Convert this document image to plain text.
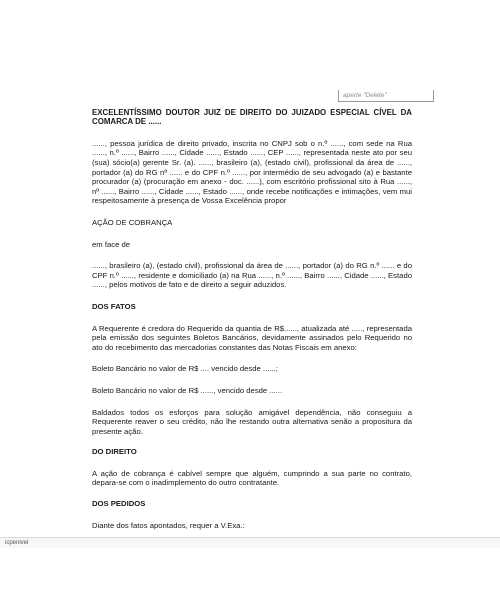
aperte "Delete"

EXCELENTÍSSIMO DOUTOR JUIZ DE DIREITO DO JUIZADO ESPECIAL CÍVEL DA COMARCA DE ......

......, pessoa jurídica de direito privado, inscrita no CNPJ sob o n.º ......, com sede na Rua ......, n.º ......, Bairro ......, Cidade ......, Estado ......, CEP ......, representada neste ato por seu (sua) sócio(a) gerente Sr. (a). ......, brasileiro (a), (estado civil), profissional da área de ......, portador (a) do RG nº ...... e do CPF n.º ......, por intermédio de seu advogado (a) e bastante procurador (a) (procuração em anexo - doc. ......), com escritório profissional sito à Rua ......, nº ......, Bairro ......, Cidade ......, Estado ......, onde recebe notificações e intimações, vem mui respeitosamente à presença de Vossa Excelência propor

AÇÃO DE COBRANÇA

em face de

......, brasileiro (a), (estado civil), profissional da área de ......, portador (a) do RG n.º ...... e do CPF n.º ......, residente e domiciliado (a) na Rua ......, n.º ......, Bairro ......, Cidade ......, Estado ......, pelos motivos de fato e de direito a seguir aduzidos.

DOS FATOS

A Requerente é credora do Requerido da quantia de R$......, atualizada até ....., representada pela emissão dos seguintes Boletos Bancários, devidamente assinados pelo Requerido no ato do recebimento das mercadorias constantes das Notas Fiscais em anexo:

Boleto Bancário no valor de R$ .... vencido desde ......;

Boleto Bancário no valor de R$ ......, vencido desde ......

Baldados todos os esforços para solução amigável dependência, não conseguiu a Requerente reaver o seu crédito, não lhe restando outra alternativa senão a propositura da presente ação.

DO DIREITO

A ação de cobrança é cabível sempre que alguém, cumprindo a sua parte no contrato, depara-se com o inadimplemento do outro contratante.

DOS PEDIDOS

Diante dos fatos apontados, requer a V.Exa.:

icpenivel
